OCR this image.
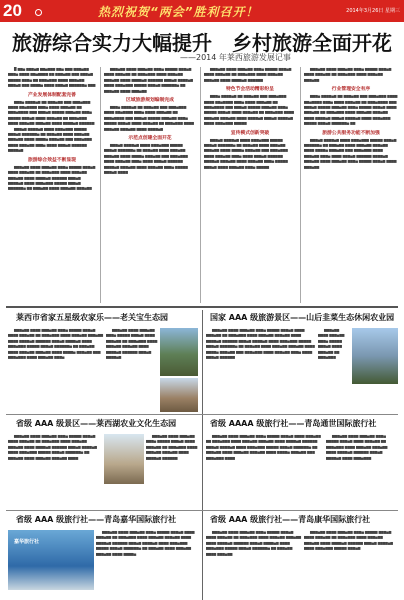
20	热烈祝贺“两会”胜利召开！	2014年3月26日 星期三
旅游综合实力大幅提升　乡村旅游全面开花
——2014 年莱西旅游发展记事

█ ▆▆▅ ▆▆▆▅▆ ▆▆▅▆▆▆ ▆▆▅ ▆▆▆ ▆▆▆▅▆▆ ▆▆▆▅ ▆▆▆▆ ▆▆▅▆▆▆▆ ▆▆ ▆▆▆▅▆▆ ▆▆▆ ▆▆▆▅▆ ▆▆▆▆▆ ▆▆▆▅ ▆▆ ▆▆▆▅▆▆▆ ▆▆▆▆ ▆▆▆▅▆▆ ▆▆▆▅▆ ▆▆▆ ▆▆▆▆▅ ▆▆▆▆ ▆▆▆▅▆ ▆▆▆▆▆▆▅ ▆▆▆

产业发展体制配套完善

▆▆▆▅ ▆▆▆▆▅▆ ▆▆ ▆▆▆▅▆▆ ▆▆▆ ▆▆▆▅▆▆▆ ▆▆▆▆ ▆▆▅▆▆▆▆ ▆▆▆▅ ▆▆▆▆ ▆▆▆▅▆▆ ▆▆ ▆▆▆▅▆▆▆▆ ▆▆▆ ▆▆▆▅▆ ▆▆▆▆▆ ▆▆▆▅▆▆ ▆▆▆▅ ▆▆▆▆▆ ▆▆▆▅▆ ▆▆▆▆ ▆▆▆▅▆▆ ▆▆ ▆▆▆▅▆▆▆ ▆▆▆▆ ▆▆▆▅▆▆ ▆▆▆▅▆▆ ▆▆▆▆ ▆▆▆▆▅▆ ▆▆▆▆▆▆

▆▆▆▅▆ ▆▆▆▆▅▆ ▆▆▆▆ ▆▆▆▅▆▆▆ ▆▆▆▆▆ ▆▆▆▅▆ ▆▆▆▆▆▆▅ ▆▆ ▆▆▆▅▆▆ ▆▆▆▆ ▆▆▆▅▆▆ ▆▆▆▅▆▆ ▆▆▆▆ ▆▆▆▆▅ ▆▆▆▅▆▆ ▆▆▆ ▆▆▆▅▆▆▆ ▆▆▆▆ ▆▆▆▅▆▆ ▆▆▆▅ ▆▆▆▆ ▆▆▆▅▆ ▆▆▆▆▆▆ ▆▆▆▆▅▆

旅游综合效益不断显现

▆▆▆▅▆▆ ▆▆▆▆ ▆▆▆▅▆▆ ▆▆▆▅ ▆▆▆▆▆ ▆▆▆▅▆ ▆▆▆▆ ▆▆▆▅▆▆ ▆▆ ▆▆▆▅▆▆▆ ▆▆▆▆ ▆▆▆▅▆▆ ▆▆▆▅▆▆ ▆▆▆▆ ▆▆▆▆▅▆ ▆▆▆▆▆▆ ▆▆▆▅▆ ▆▆▆▆▅▆ ▆▆▆▆ ▆▆▆▅▆▆▆ ▆▆▆▆▆ ▆▆▆▅▆ ▆▆▆▆▆▆▅ ▆▆ ▆▆▆▅▆▆ ▆▆▆▆ ▆▆▆▅▆▆ ▆▆▆▅▆▆

▆▆▆▅▆▆ ▆▆▆▆ ▆▆▆▅▆▆ ▆▆▆▅ ▆▆▆▆▆ ▆▆▆▅▆ ▆▆▆▆ ▆▆▆▅▆▆ ▆▆ ▆▆▆▅▆▆▆ ▆▆▆▆ ▆▆▆▅▆▆ ▆▆▆▅▆▆ ▆▆▆▆ ▆▆▆▆▅▆ ▆▆▆▆▆▆ ▆▆▆▅▆ ▆▆▆▆▅▆ ▆▆▆▆ ▆▆▆▅▆▆▆ ▆▆▆▆▆ ▆▆▆▅▆ ▆▆▆▆▆▆▅ ▆▆ ▆▆▆▅▆▆ ▆▆▆▆ ▆▆▆▅▆▆

区域旅游规划编制完成

▆▆▆▅ ▆▆▆▆▅▆ ▆▆ ▆▆▆▅▆▆ ▆▆▆ ▆▆▆▅▆▆▆ ▆▆▆▆ ▆▆▅▆▆▆▆ ▆▆▆▅ ▆▆▆▆ ▆▆▆▅▆▆ ▆▆ ▆▆▆▅▆▆▆▆ ▆▆▆ ▆▆▆▅▆ ▆▆▆▆▆ ▆▆▆▅▆▆ ▆▆▆▅ ▆▆▆▆▆ ▆▆▆▅▆ ▆▆▆▆ ▆▆▆▅▆▆ ▆▆ ▆▆▆▅▆▆▆ ▆▆▆▆ ▆▆▆▅▆▆ ▆▆▆▅▆▆ ▆▆▆▆ ▆▆▆▆▅▆

示范点创建全面开花

▆▆▆▅▆ ▆▆▆▆▅▆ ▆▆▆▆ ▆▆▆▅▆▆▆ ▆▆▆▆▆ ▆▆▆▅▆ ▆▆▆▆▆▆▅ ▆▆ ▆▆▆▅▆▆ ▆▆▆▆ ▆▆▆▅▆▆ ▆▆▆▅▆▆ ▆▆▆▆ ▆▆▆▆▅ ▆▆▆▅▆▆ ▆▆▆ ▆▆▆▅▆▆▆ ▆▆▆▆ ▆▆▆▅▆▆ ▆▆▆▅ ▆▆▆▆ ▆▆▆▅▆ ▆▆▆▆▆▆ ▆▆▆▆▅▆ ▆▆▆▅▆▆ ▆▆▆▆ ▆▆▆▅▆▆ ▆▆▆▅ ▆▆▆▆▆ ▆▆▆▅▆ ▆▆▆▆

▆▆▆▅▆▆ ▆▆▆▆ ▆▆▆▅▆▆ ▆▆▆▅ ▆▆▆▆▆ ▆▆▆▅▆ ▆▆▆▆ ▆▆▆▅▆▆ ▆▆ ▆▆▆▅▆▆▆ ▆▆▆▆ ▆▆▆▅▆▆ ▆▆▆▅▆▆ ▆▆▆▆ ▆▆▆▆▅▆ ▆▆▆▆▆▆

特色节会活动精彩纷呈

▆▆▆▅ ▆▆▆▆▅▆ ▆▆ ▆▆▆▅▆▆ ▆▆▆ ▆▆▆▅▆▆▆ ▆▆▆▆ ▆▆▅▆▆▆▆ ▆▆▆▅ ▆▆▆▆ ▆▆▆▅▆▆ ▆▆ ▆▆▆▅▆▆▆▆ ▆▆▆ ▆▆▆▅▆ ▆▆▆▆▆ ▆▆▆▅▆▆ ▆▆▆▅ ▆▆▆▆▆ ▆▆▆▅▆ ▆▆▆▆ ▆▆▆▅▆▆ ▆▆ ▆▆▆▅▆▆▆ ▆▆▆▆ ▆▆▆▅▆▆ ▆▆▆▅▆▆ ▆▆▆▆ ▆▆▆▆▅▆ ▆▆▆▅▆ ▆▆▆▆▅▆ ▆▆▆▆ ▆▆▆▅▆▆▆ ▆▆▆▆▆

宣传模式创新突破

▆▆▆▅▆ ▆▆▆▆▅▆ ▆▆▆▆ ▆▆▆▅▆▆▆ ▆▆▆▆▆ ▆▆▆▅▆ ▆▆▆▆▆▆▅ ▆▆ ▆▆▆▅▆▆ ▆▆▆▆ ▆▆▆▅▆▆ ▆▆▆▅▆▆ ▆▆▆▆ ▆▆▆▆▅ ▆▆▆▅▆▆ ▆▆▆ ▆▆▆▅▆▆▆ ▆▆▆▆ ▆▆▆▅▆▆ ▆▆▆▅ ▆▆▆▆ ▆▆▆▅▆ ▆▆▆▆▆▆ ▆▆▆▆▅▆ ▆▆▆▅▆▆ ▆▆▆▆ ▆▆▆▅▆▆ ▆▆▆▅ ▆▆▆▆▆ ▆▆▆▅▆ ▆▆▆▆ ▆▆▆▅▆▆ ▆▆▆▅ ▆▆▆▆▆

▆▆▆▅▆▆ ▆▆▆▆ ▆▆▆▅▆▆ ▆▆▆▅ ▆▆▆▆▆ ▆▆▆▅▆ ▆▆▆▆ ▆▆▆▅▆▆ ▆▆ ▆▆▆▅▆▆▆ ▆▆▆▆ ▆▆▆▅▆▆ ▆▆▆▅▆▆

行业管理安全有序

▆▆▆▅ ▆▆▆▆▅▆ ▆▆ ▆▆▆▅▆▆ ▆▆▆ ▆▆▆▅▆▆▆ ▆▆▆▆ ▆▆▅▆▆▆▆ ▆▆▆▅ ▆▆▆▆ ▆▆▆▅▆▆ ▆▆ ▆▆▆▅▆▆▆▆ ▆▆▆ ▆▆▆▅▆ ▆▆▆▆▆ ▆▆▆▅▆▆ ▆▆▆▅ ▆▆▆▆▆ ▆▆▆▅▆ ▆▆▆▆ ▆▆▆▅▆▆ ▆▆ ▆▆▆▅▆▆▆ ▆▆▆▆ ▆▆▆▅▆▆ ▆▆▆▅▆▆ ▆▆▆▆ ▆▆▆▆▅▆ ▆▆▆▅▆ ▆▆▆▆▅▆ ▆▆▆▆ ▆▆▆▅▆▆▆ ▆▆▆▆▆ ▆▆▆▅▆ ▆▆▆▆▆▆▅ ▆▆

旅游公共服务功能不断加强

▆▆▆▅▆ ▆▆▆▆▅▆ ▆▆▆▆ ▆▆▆▅▆▆▆ ▆▆▆▆▆ ▆▆▆▅▆ ▆▆▆▆▆▆▅ ▆▆ ▆▆▆▅▆▆ ▆▆▆▆ ▆▆▆▅▆▆ ▆▆▆▅▆▆ ▆▆▆▆ ▆▆▆▆▅ ▆▆▆▅▆▆ ▆▆▆ ▆▆▆▅▆▆▆ ▆▆▆▆ ▆▆▆▅▆▆ ▆▆▆▅ ▆▆▆▆ ▆▆▆▅▆ ▆▆▆▆▆▆ ▆▆▆▆▅▆ ▆▆▆▅▆▆ ▆▆▆▆ ▆▆▆▅▆▆ ▆▆▆▅ ▆▆▆▆▆ ▆▆▆▅▆ ▆▆▆▆ ▆▆▆▅▆▆

莱西市省家五星级农家乐——老关宝生态园

▆▆▆▅▆▆ ▆▆▆▆ ▆▆▆▅▆▆ ▆▆▆▅ ▆▆▆▆▆ ▆▆▆▅▆ ▆▆▆▆ ▆▆▆▅▆▆ ▆▆ ▆▆▆▅▆▆▆ ▆▆▆▆ ▆▆▆▅▆▆ ▆▆▆▅▆▆ ▆▆▆▆ ▆▆▆▆▅▆ ▆▆▆▆▆▆ ▆▆▆▅▆ ▆▆▆▆▅▆ ▆▆▆▆ ▆▆▆▅▆▆▆ ▆▆▆▆▆ ▆▆▆▅▆ ▆▆▆▆▆▆▅ ▆▆ ▆▆▆▅▆▆ ▆▆▆▆ ▆▆▆▅▆▆ ▆▆▆▅▆▆ ▆▆▆▆ ▆▆▆▆▅ ▆▆▆▅▆▆ ▆▆▆ ▆▆▆▅▆▆▆ ▆▆▆▆ ▆▆▆▅▆▆ ▆▆▆▅

▆▆▆▅▆▆ ▆▆▆▆ ▆▆▆▅▆▆ ▆▆▆▅ ▆▆▆▆▆ ▆▆▆▅▆ ▆▆▆▆ ▆▆▆▅▆▆ ▆▆ ▆▆▆▅▆▆▆ ▆▆▆▆ ▆▆▆▅▆▆ ▆▆▆▅▆▆ ▆▆▆▆ ▆▆▆▆▅▆ ▆▆▆▆▆▆ ▆▆▆▅▆ ▆▆▆▆▅▆

国家 AAA 级旅游景区——山后韭菜生态休闲农业园

▆▆▆▅▆▆ ▆▆▆▆ ▆▆▆▅▆▆ ▆▆▆▅ ▆▆▆▆▆ ▆▆▆▅▆ ▆▆▆▆ ▆▆▆▅▆▆ ▆▆ ▆▆▆▅▆▆▆ ▆▆▆▆ ▆▆▆▅▆▆ ▆▆▆▅▆▆ ▆▆▆▆ ▆▆▆▆▅▆ ▆▆▆▆▆▆ ▆▆▆▅▆ ▆▆▆▆▅▆ ▆▆▆▆ ▆▆▆▅▆▆▆ ▆▆▆▆▆ ▆▆▆▅▆ ▆▆▆▆▆▆▅ ▆▆ ▆▆▆▅▆▆ ▆▆▆▆ ▆▆▆▅▆▆ ▆▆▆▅▆▆ ▆▆▆▆ ▆▆▆▆▅ ▆▆▆▅▆▆ ▆▆▆ ▆▆▆▅▆▆▆ ▆▆▆▆ ▆▆▆▅▆▆ ▆▆▆▅ ▆▆▆▆ ▆▆▆▅▆ ▆▆▆▆▆▆

▆▆▆▅▆▆ ▆▆▆▆ ▆▆▆▅▆▆ ▆▆▆▅ ▆▆▆▆▆ ▆▆▆▅▆ ▆▆▆▆ ▆▆▆▅▆▆ ▆▆ ▆▆▆▅▆▆▆

省级 AAA 级景区——莱西湖农业文化生态园

▆▆▆▅▆▆ ▆▆▆▆ ▆▆▆▅▆▆ ▆▆▆▅ ▆▆▆▆▆ ▆▆▆▅▆ ▆▆▆▆ ▆▆▆▅▆▆ ▆▆ ▆▆▆▅▆▆▆ ▆▆▆▆ ▆▆▆▅▆▆ ▆▆▆▅▆▆ ▆▆▆▆ ▆▆▆▆▅▆ ▆▆▆▆▆▆ ▆▆▆▅▆ ▆▆▆▆▅▆ ▆▆▆▆ ▆▆▆▅▆▆▆ ▆▆▆▆▆ ▆▆▆▅▆ ▆▆▆▆▆▆▅ ▆▆ ▆▆▆▅▆▆ ▆▆▆▆ ▆▆▆▅▆▆ ▆▆▆▅▆▆ ▆▆▆▆

▆▆▆▅▆▆ ▆▆▆▆ ▆▆▆▅▆▆ ▆▆▆▅ ▆▆▆▆▆ ▆▆▆▅▆ ▆▆▆▆ ▆▆▆▅▆▆ ▆▆ ▆▆▆▅▆▆▆ ▆▆▆▆ ▆▆▆▅▆▆ ▆▆▆▅▆▆ ▆▆▆▆ ▆▆▆▆▅▆ ▆▆▆▆▆▆

省级 AAAA 级旅行社——青岛通世国际旅行社

▆▆▆▅▆▆ ▆▆▆▆ ▆▆▆▅▆▆ ▆▆▆▅ ▆▆▆▆▆ ▆▆▆▅▆ ▆▆▆▆ ▆▆▆▅▆▆ ▆▆ ▆▆▆▅▆▆▆ ▆▆▆▆ ▆▆▆▅▆▆ ▆▆▆▅▆▆ ▆▆▆▆ ▆▆▆▆▅▆ ▆▆▆▆▆▆ ▆▆▆▅▆ ▆▆▆▆▅▆ ▆▆▆▆ ▆▆▆▅▆▆▆ ▆▆▆▆▆ ▆▆▆▅▆ ▆▆▆▆▆▆▅ ▆▆ ▆▆▆▅▆▆ ▆▆▆▆ ▆▆▆▅▆▆ ▆▆▆▅▆▆ ▆▆▆▆ ▆▆▆▆▅ ▆▆▆▅▆▆ ▆▆▆ ▆▆▆▅▆▆▆ ▆▆▆▆

▆▆▆▅▆▆ ▆▆▆▆ ▆▆▆▅▆▆ ▆▆▆▅ ▆▆▆▆▆ ▆▆▆▅▆ ▆▆▆▆ ▆▆▆▅▆▆ ▆▆ ▆▆▆▅▆▆▆ ▆▆▆▆ ▆▆▆▅▆▆ ▆▆▆▅▆▆ ▆▆▆▆ ▆▆▆▆▅▆ ▆▆▆▆▆▆ ▆▆▆▅▆ ▆▆▆▆▅▆ ▆▆▆▆ ▆▆▆▅▆▆▆

省级 AAA 级旅行社——青岛嘉华国际旅行社
嘉华旅行社

▆▆▆▅▆▆ ▆▆▆▆ ▆▆▆▅▆▆ ▆▆▆▅ ▆▆▆▆▆ ▆▆▆▅▆ ▆▆▆▆ ▆▆▆▅▆▆ ▆▆ ▆▆▆▅▆▆▆ ▆▆▆▆ ▆▆▆▅▆▆ ▆▆▆▅▆▆ ▆▆▆▆ ▆▆▆▆▅▆ ▆▆▆▆▆▆ ▆▆▆▅▆ ▆▆▆▆▅▆ ▆▆▆▆ ▆▆▆▅▆▆▆ ▆▆▆▆▆ ▆▆▆▅▆ ▆▆▆▆▆▆▅ ▆▆ ▆▆▆▅▆▆ ▆▆▆▆ ▆▆▆▅▆▆ ▆▆▆▅▆▆ ▆▆▆▆ ▆▆▆▆▅

省级 AAA 级旅行社——青岛康华国际旅行社

▆▆▆▅▆▆ ▆▆▆▆ ▆▆▆▅▆▆ ▆▆▆▅ ▆▆▆▆▆ ▆▆▆▅▆ ▆▆▆▆ ▆▆▆▅▆▆ ▆▆ ▆▆▆▅▆▆▆ ▆▆▆▆ ▆▆▆▅▆▆ ▆▆▆▅▆▆ ▆▆▆▆ ▆▆▆▆▅▆ ▆▆▆▆▆▆ ▆▆▆▅▆ ▆▆▆▆▅▆ ▆▆▆▆ ▆▆▆▅▆▆▆ ▆▆▆▆▆ ▆▆▆▅▆ ▆▆▆▆▆▆▅ ▆▆ ▆▆▆▅▆▆ ▆▆▆▆ ▆▆▆▅▆▆

▆▆▆▅▆▆ ▆▆▆▆ ▆▆▆▅▆▆ ▆▆▆▅ ▆▆▆▆▆ ▆▆▆▅▆ ▆▆▆▆ ▆▆▆▅▆▆ ▆▆ ▆▆▆▅▆▆▆ ▆▆▆▆ ▆▆▆▅▆▆ ▆▆▆▅▆▆ ▆▆▆▆ ▆▆▆▆▅▆ ▆▆▆▆▆▆ ▆▆▆▅▆ ▆▆▆▆▅▆ ▆▆▆▆ ▆▆▆▅▆▆▆ ▆▆▆▆▆ ▆▆▆▅▆
